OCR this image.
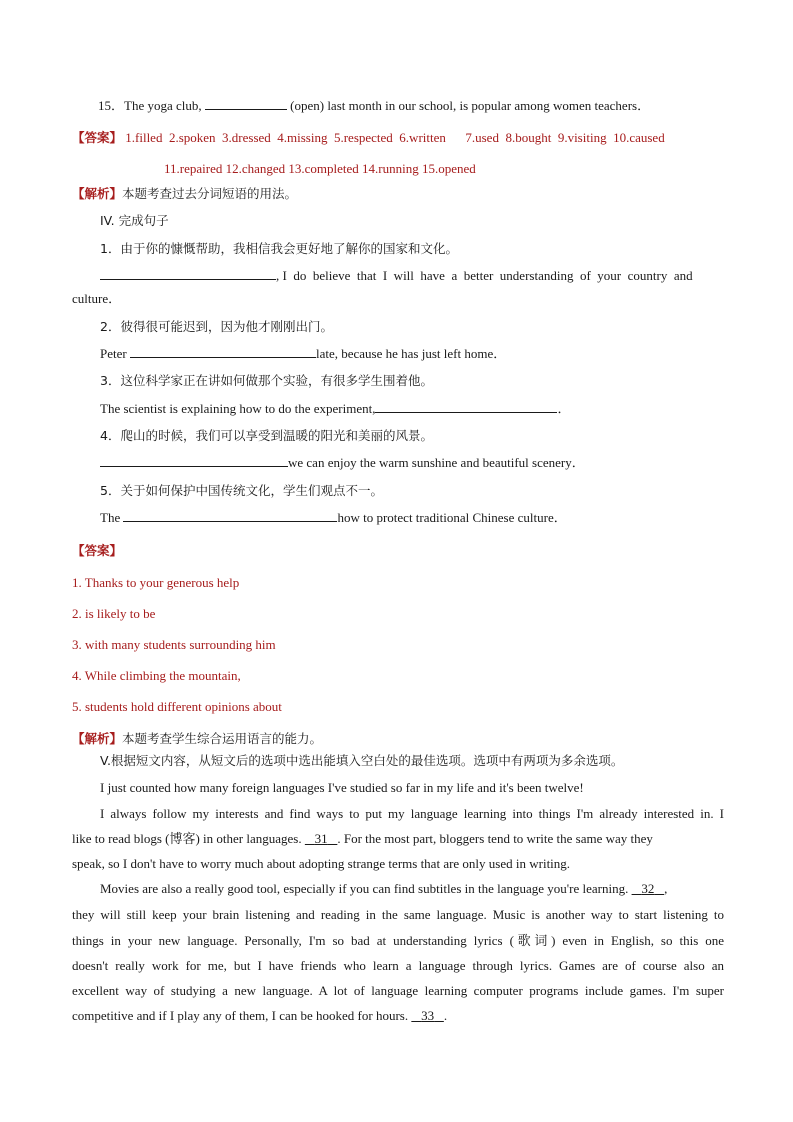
15．The yoga club,	(open) last month in our school, is popular among women teachers．
【答案】 1.filled  2.spoken  3.dressed  4.missing  5.respected  6.written      7.used  8.bought  9.visiting  10.caused
11.repaired 12.changed 13.completed 14.running 15.opened
【解析】本题考查过去分词短语的用法。
IV. 完成句子
1．由于你的慷慨帮助，我相信我会更好地了解你的国家和文化。
, I  do  believe  that  I  will  have  a  better  understanding  of  your  country  and
culture．
2．彼得很可能迟到，因为他才刚刚出门。
Peter	late, because he has just left home．
3．这位科学家正在讲如何做那个实验，有很多学生围着他。
The scientist is explaining how to do the experiment,	．
4．爬山的时候，我们可以享受到温暖的阳光和美丽的风景。
we can enjoy the warm sunshine and beautiful scenery．
5．关于如何保护中国传统文化，学生们观点不一。
The	how to protect traditional Chinese culture．
【答案】
1. Thanks to your generous help
2. is likely to be
3. with many students surrounding him
4. While climbing the mountain,
5. students hold different opinions about
【解析】本题考查学生综合运用语言的能力。
V.根据短文内容，从短文后的选项中选出能填入空白处的最佳选项。选项中有两项为多余选项。
I just counted how many foreign languages I've studied so far in my life and it's been twelve!
I always follow my interests and find ways to put my language learning into things I'm already interested in. I
like to read blogs (博客) in other languages. 31 . For the most part, bloggers tend to write the same way they
speak, so I don't have to worry much about adopting strange terms that are only used in writing.
Movies are also a really good tool, especially if you can find subtitles in the language you're learning. 32 ,
they will still keep your brain listening and reading in the same language. Music is another way to start listening to
things in your new language. Personally, I'm so bad at understanding lyrics (歌词) even in English, so this one
doesn't really work for me, but I have friends who learn a language through lyrics. Games are of course also an
excellent way of studying a new language. A lot of language learning computer programs include games. I'm super
competitive and if I play any of them, I can be hooked for hours. 33 .
